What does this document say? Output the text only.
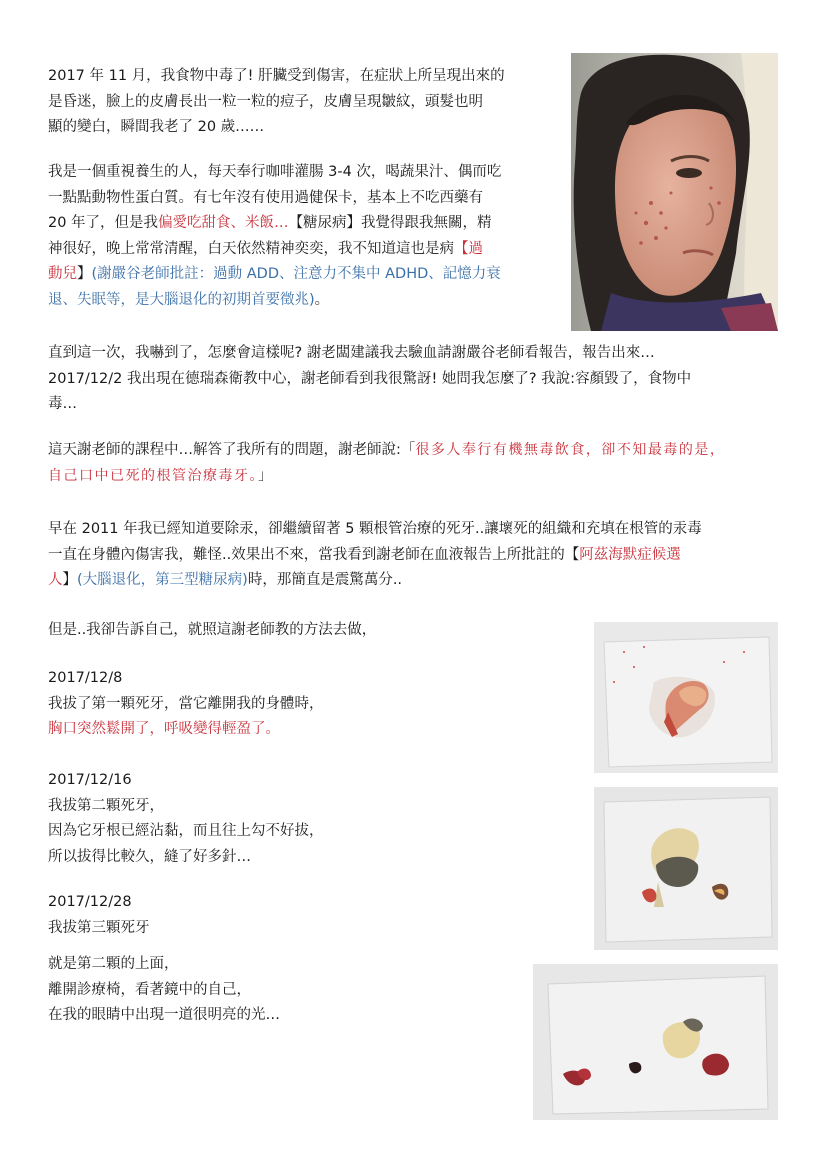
2017 年 11 月，我食物中毒了! 肝臟受到傷害，在症狀上所呈現出來的
是昏迷，臉上的皮膚長出一粒一粒的痘子，皮膚呈現皺紋，頭髮也明
顯的變白，瞬間我老了 20 歲……
我是一個重視養生的人，每天奉行咖啡灌腸 3-4 次，喝蔬果汁、偶而吃
一點點動物性蛋白質。有七年沒有使用過健保卡，基本上不吃西藥有
20 年了，但是我偏愛吃甜食、米飯…【糖尿病】我覺得跟我無關，精
神很好，晚上常常清醒，白天依然精神奕奕，我不知道這也是病【過
動兒】(謝嚴谷老師批註：過動 ADD、注意力不集中 ADHD、記憶力衰
退、失眠等，是大腦退化的初期首要徵兆)。
直到這一次，我嚇到了，怎麼會這樣呢? 謝老闆建議我去驗血請謝嚴谷老師看報告，報告出來…
2017/12/2 我出現在德瑞森衛教中心，謝老師看到我很驚訝! 她問我怎麼了? 我說:容顏毀了，食物中
毒…
這天謝老師的課程中…解答了我所有的問題，謝老師說:「很多人奉行有機無毒飲食，卻不知最毒的是，
自己口中已死的根管治療毒牙。」
早在 2011 年我已經知道要除汞，卻繼續留著 5 顆根管治療的死牙..讓壞死的組織和充填在根管的汞毒
一直在身體內傷害我，難怪..效果出不來，當我看到謝老師在血液報告上所批註的【阿茲海默症候選
人】(大腦退化，第三型糖尿病)時，那簡直是震驚萬分..
但是..我卻告訴自己，就照這謝老師教的方法去做，
2017/12/8
我拔了第一顆死牙，當它離開我的身體時，
胸口突然鬆開了，呼吸變得輕盈了。
2017/12/16
我拔第二顆死牙，
因為它牙根已經沾黏，而且往上勾不好拔，
所以拔得比較久，縫了好多針…
2017/12/28
我拔第三顆死牙
就是第二顆的上面，
離開診療椅，看著鏡中的自己，
在我的眼睛中出現一道很明亮的光…
